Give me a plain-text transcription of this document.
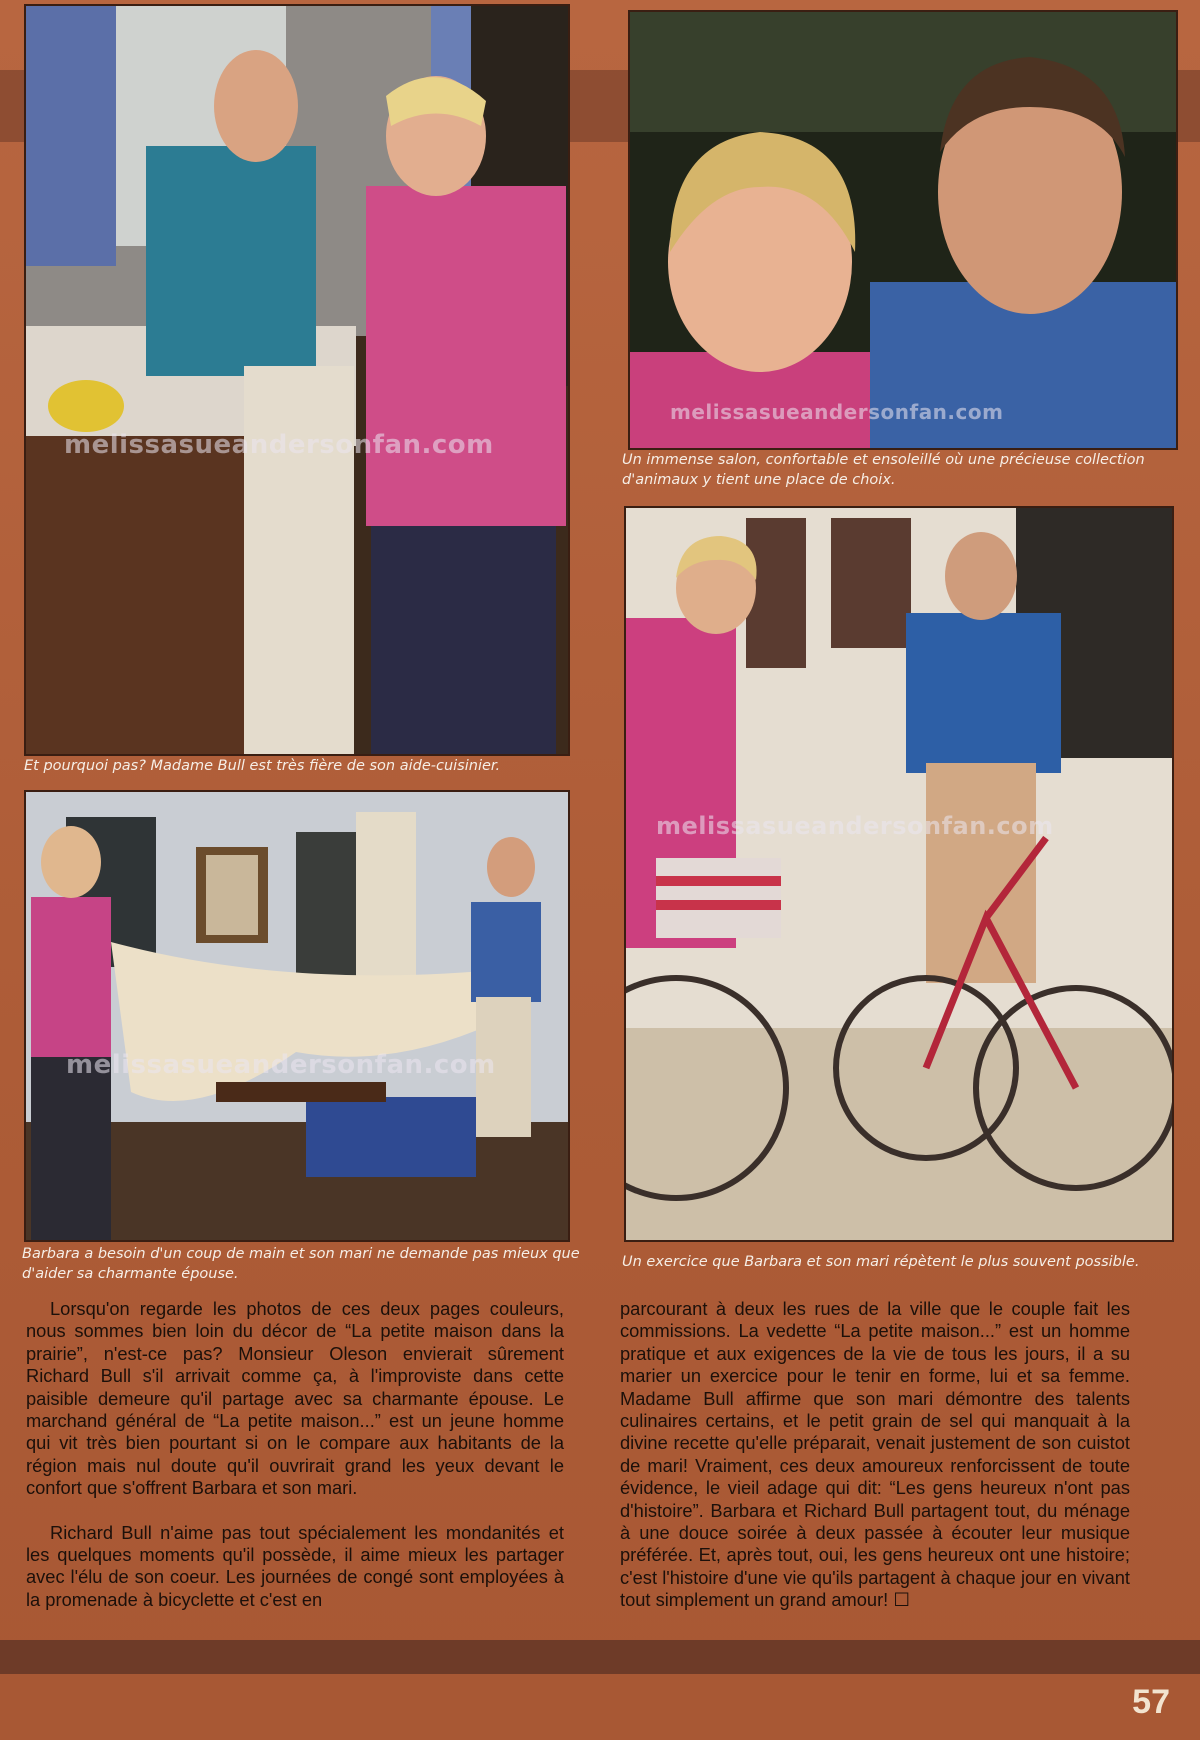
melissasueandersonfan.com
Et pourquoi pas? Madame Bull est très fière de son aide-cuisinier.
melissasueandersonfan.com
Un immense salon, confortable et ensoleillé où une précieuse collection d'animaux y tient une place de choix.
melissasueandersonfan.com
Barbara a besoin d'un coup de main et son mari ne demande pas mieux que d'aider sa charmante épouse.
melissasueandersonfan.com
Un exercice que Barbara et son mari répètent le plus souvent possible.

Lorsqu'on regarde les photos de ces deux pages couleurs, nous sommes bien loin du décor de “La petite maison dans la prairie”, n'est-ce pas? Monsieur Oleson envierait sûrement Richard Bull s'il arrivait comme ça, à l'improviste dans cette paisible demeure qu'il partage avec sa charmante épouse. Le marchand général de “La petite maison...” est un jeune homme qui vit très bien pourtant si on le compare aux habitants de la région mais nul doute qu'il ouvrirait grand les yeux devant le confort que s'offrent Barbara et son mari.

Richard Bull n'aime pas tout spécialement les mondanités et les quelques moments qu'il possède, il aime mieux les partager avec l'élu de son coeur. Les journées de congé sont employées à la promenade à bicyclette et c'est en

parcourant à deux les rues de la ville que le couple fait les commissions. La vedette “La petite maison...” est un homme pratique et aux exigences de la vie de tous les jours, il a su marier un exercice pour le tenir en forme, lui et sa femme. Madame Bull affirme que son mari démontre des talents culinaires certains, et le petit grain de sel qui manquait à la divine recette qu'elle préparait, venait justement de son cuistot de mari! Vraiment, ces deux amoureux renforcissent de toute évidence, le vieil adage qui dit: “Les gens heureux n'ont pas d'histoire”. Barbara et Richard Bull partagent tout, du ménage à une douce soirée à deux passée à écouter leur musique préférée. Et, après tout, oui, les gens heureux ont une histoire; c'est l'histoire d'une vie qu'ils partagent à chaque jour en vivant tout simplement un grand amour! ☐

57
